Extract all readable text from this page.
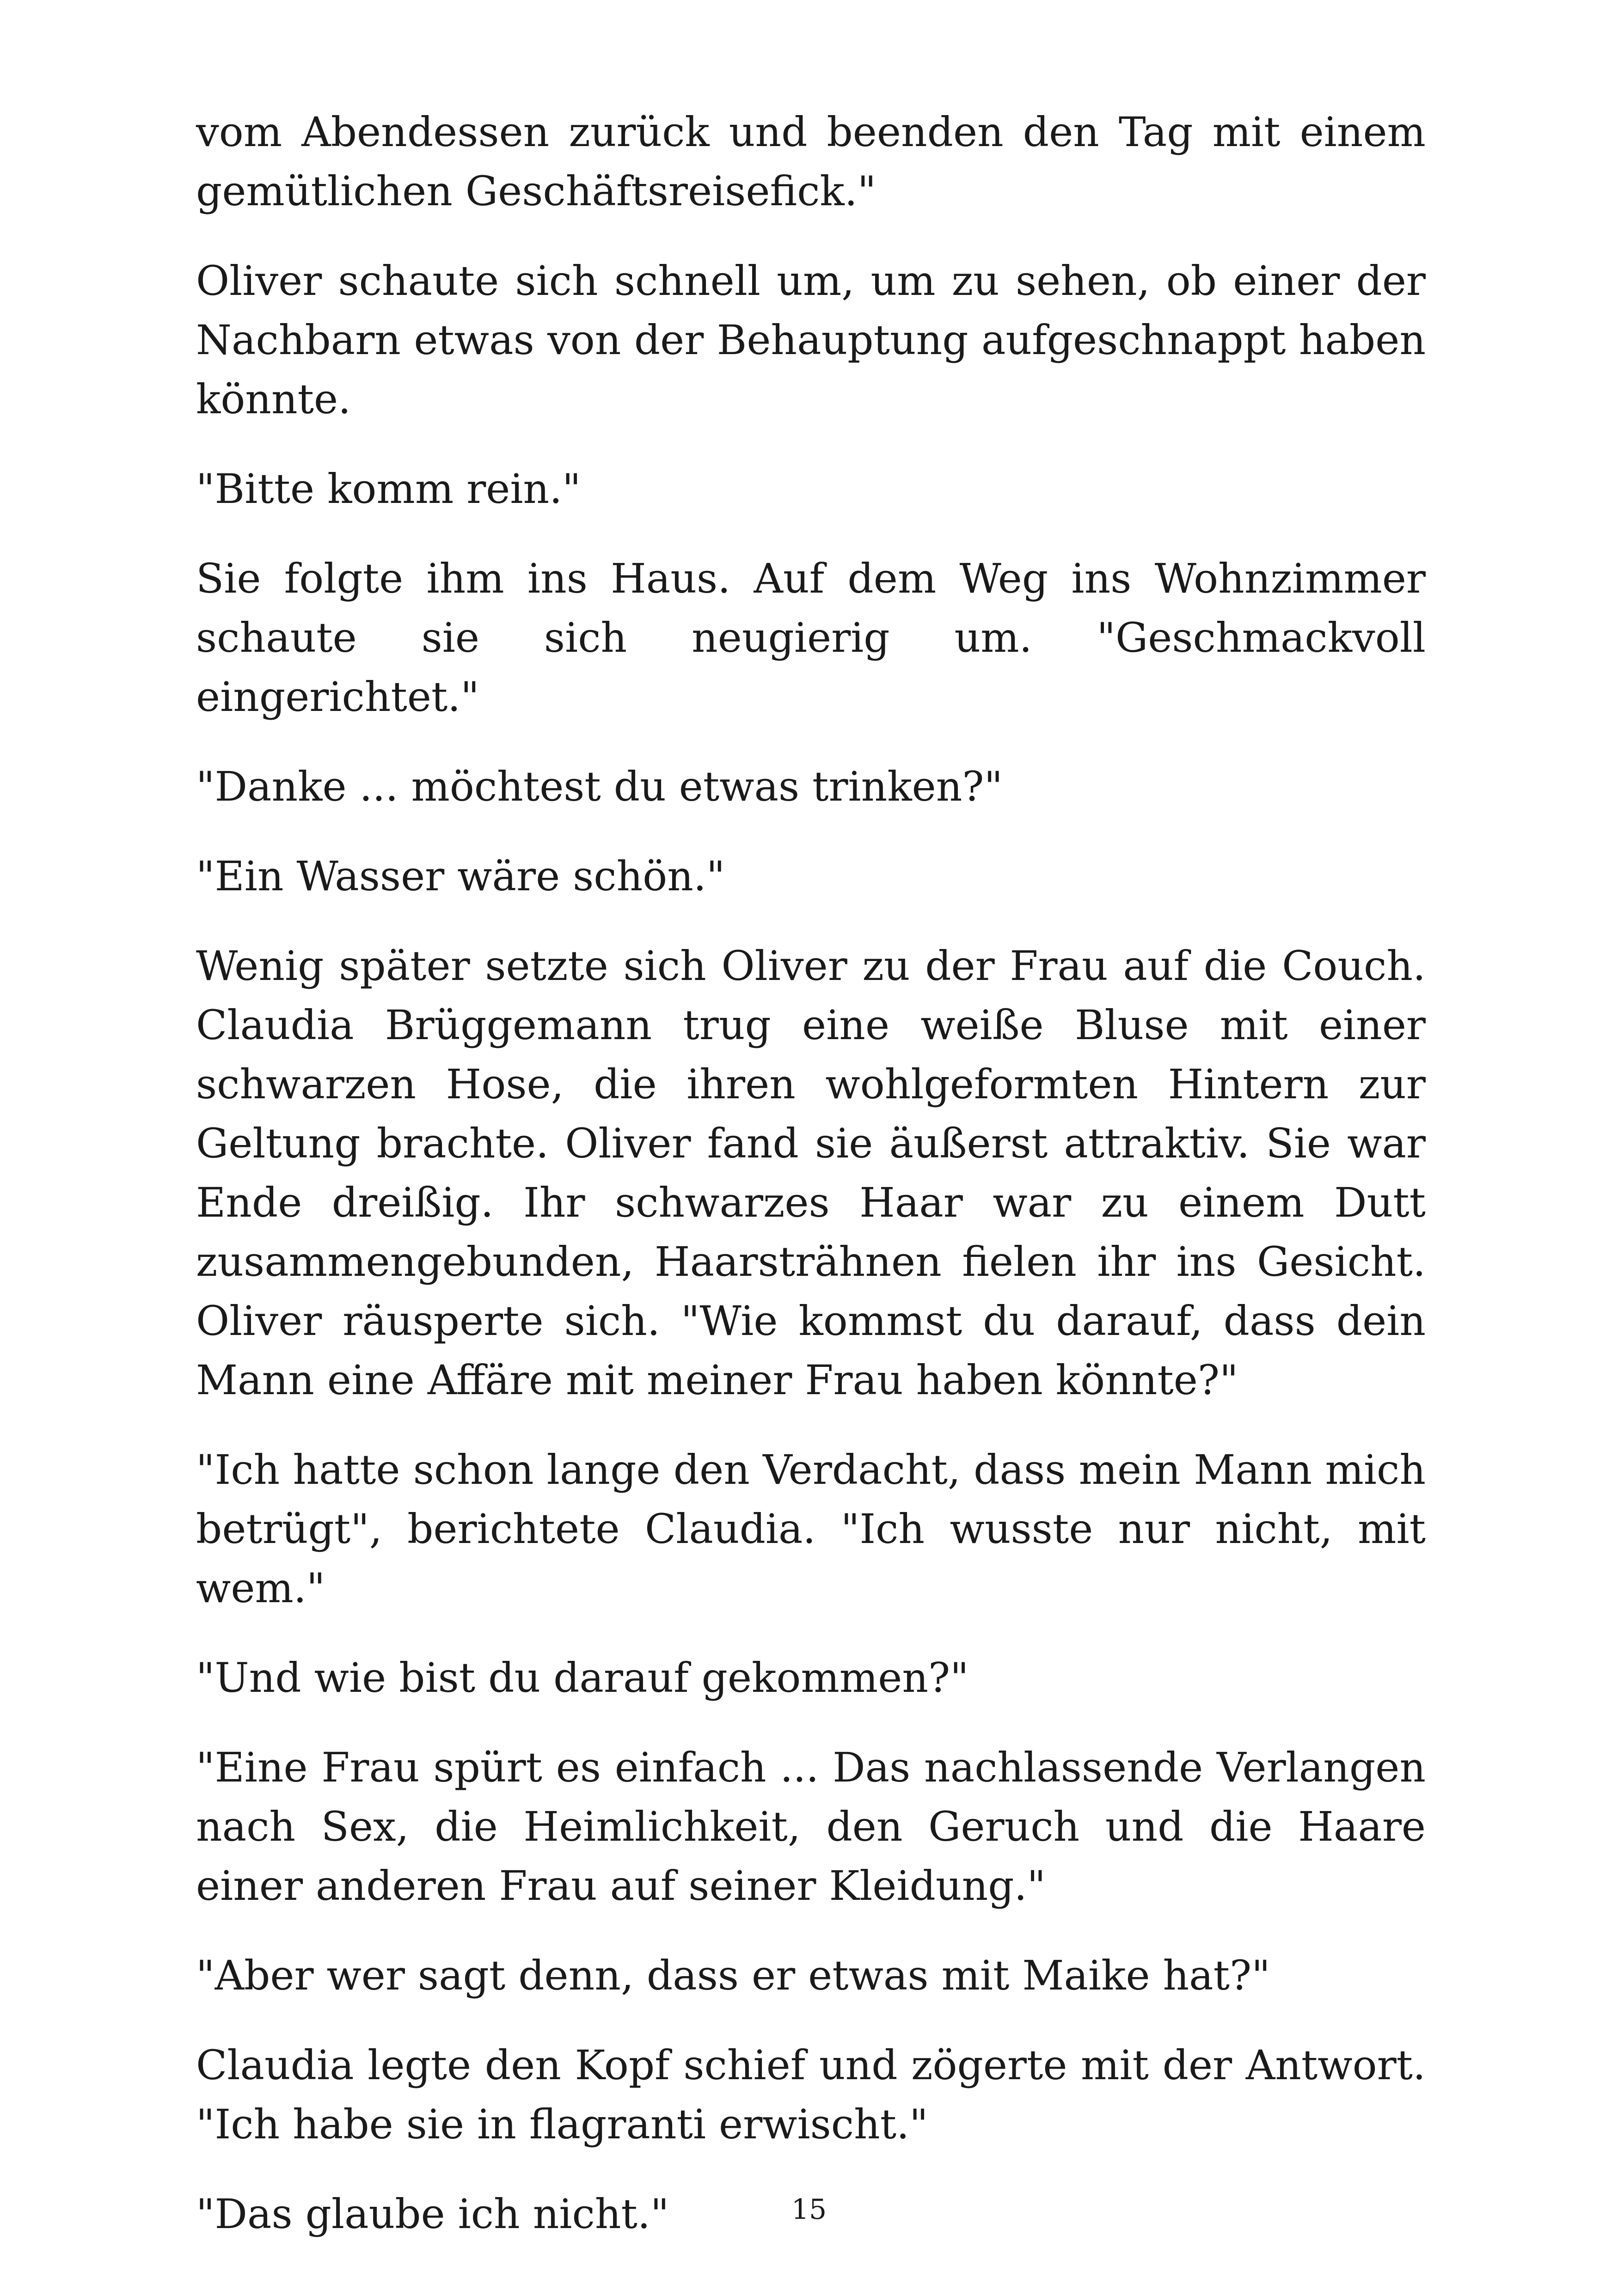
vom Abendessen zurück und beenden den Tag mit einem gemütlichen Geschäftsreisefick."

Oliver schaute sich schnell um, um zu sehen, ob einer der Nachbarn etwas von der Behauptung aufgeschnappt haben könnte.

"Bitte komm rein."

Sie folgte ihm ins Haus. Auf dem Weg ins Wohnzimmer schaute sie sich neugierig um. "Geschmackvoll eingerichtet."

"Danke ... möchtest du etwas trinken?"

"Ein Wasser wäre schön."

Wenig später setzte sich Oliver zu der Frau auf die Couch. Claudia Brüggemann trug eine weiße Bluse mit einer schwarzen Hose, die ihren wohlgeformten Hintern zur Geltung brachte. Oliver fand sie äußerst attraktiv. Sie war Ende dreißig. Ihr schwarzes Haar war zu einem Dutt zusammengebunden, Haarsträhnen fielen ihr ins Gesicht. Oliver räusperte sich. "Wie kommst du darauf, dass dein Mann eine Affäre mit meiner Frau haben könnte?"

"Ich hatte schon lange den Verdacht, dass mein Mann mich betrügt", berichtete Claudia. "Ich wusste nur nicht, mit wem."

"Und wie bist du darauf gekommen?"

"Eine Frau spürt es einfach ... Das nachlassende Verlangen nach Sex, die Heimlichkeit, den Geruch und die Haare einer anderen Frau auf seiner Kleidung."

"Aber wer sagt denn, dass er etwas mit Maike hat?"

Claudia legte den Kopf schief und zögerte mit der Antwort. "Ich habe sie in flagranti erwischt."

"Das glaube ich nicht."	15
